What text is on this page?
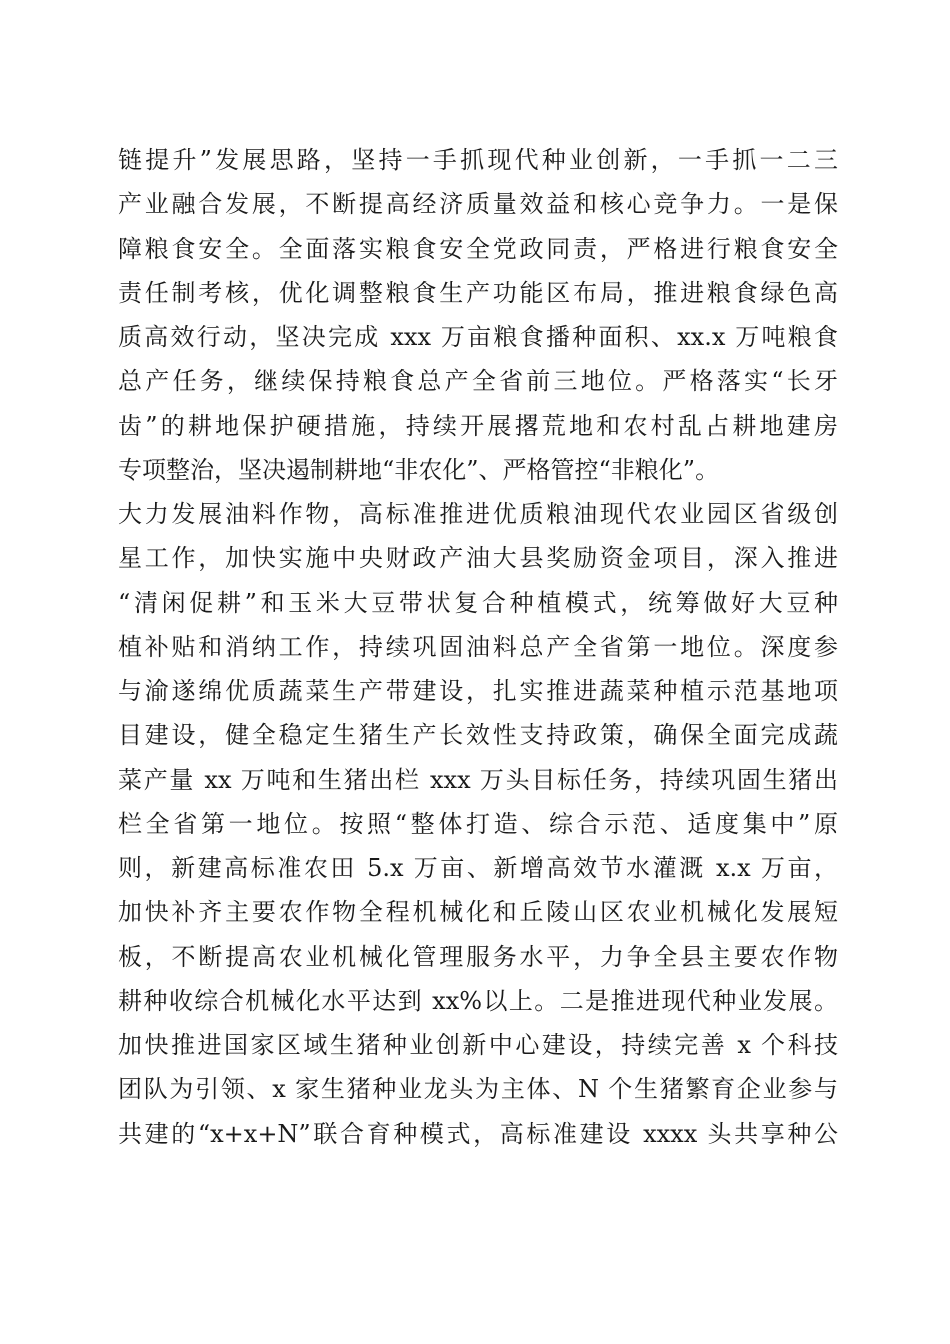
链提升”发展思路，坚持一手抓现代种业创新，一手抓一二三
产业融合发展，不断提高经济质量效益和核心竞争力。一是保
障粮食安全。全面落实粮食安全党政同责，严格进行粮食安全
责任制考核，优化调整粮食生产功能区布局，推进粮食绿色高
质高效行动，坚决完成 xxx 万亩粮食播种面积、xx.x 万吨粮食
总产任务，继续保持粮食总产全省前三地位。严格落实“长牙
齿”的耕地保护硬措施，持续开展撂荒地和农村乱占耕地建房
专项整治，坚决遏制耕地“非农化”、严格管控“非粮化”。
大力发展油料作物，高标准推进优质粮油现代农业园区省级创
星工作，加快实施中央财政产油大县奖励资金项目，深入推进
“清闲促耕”和玉米大豆带状复合种植模式，统筹做好大豆种
植补贴和消纳工作，持续巩固油料总产全省第一地位。深度参
与渝遂绵优质蔬菜生产带建设，扎实推进蔬菜种植示范基地项
目建设，健全稳定生猪生产长效性支持政策，确保全面完成蔬
菜产量 xx 万吨和生猪出栏 xxx 万头目标任务，持续巩固生猪出
栏全省第一地位。按照“整体打造、综合示范、适度集中”原
则，新建高标准农田 5.x 万亩、新增高效节水灌溉 x.x 万亩，
加快补齐主要农作物全程机械化和丘陵山区农业机械化发展短
板，不断提高农业机械化管理服务水平，力争全县主要农作物
耕种收综合机械化水平达到 xx%以上。二是推进现代种业发展。
加快推进国家区域生猪种业创新中心建设，持续完善 x 个科技
团队为引领、x 家生猪种业龙头为主体、N 个生猪繁育企业参与
共建的“x+x+N”联合育种模式，高标准建设 xxxx 头共享种公
